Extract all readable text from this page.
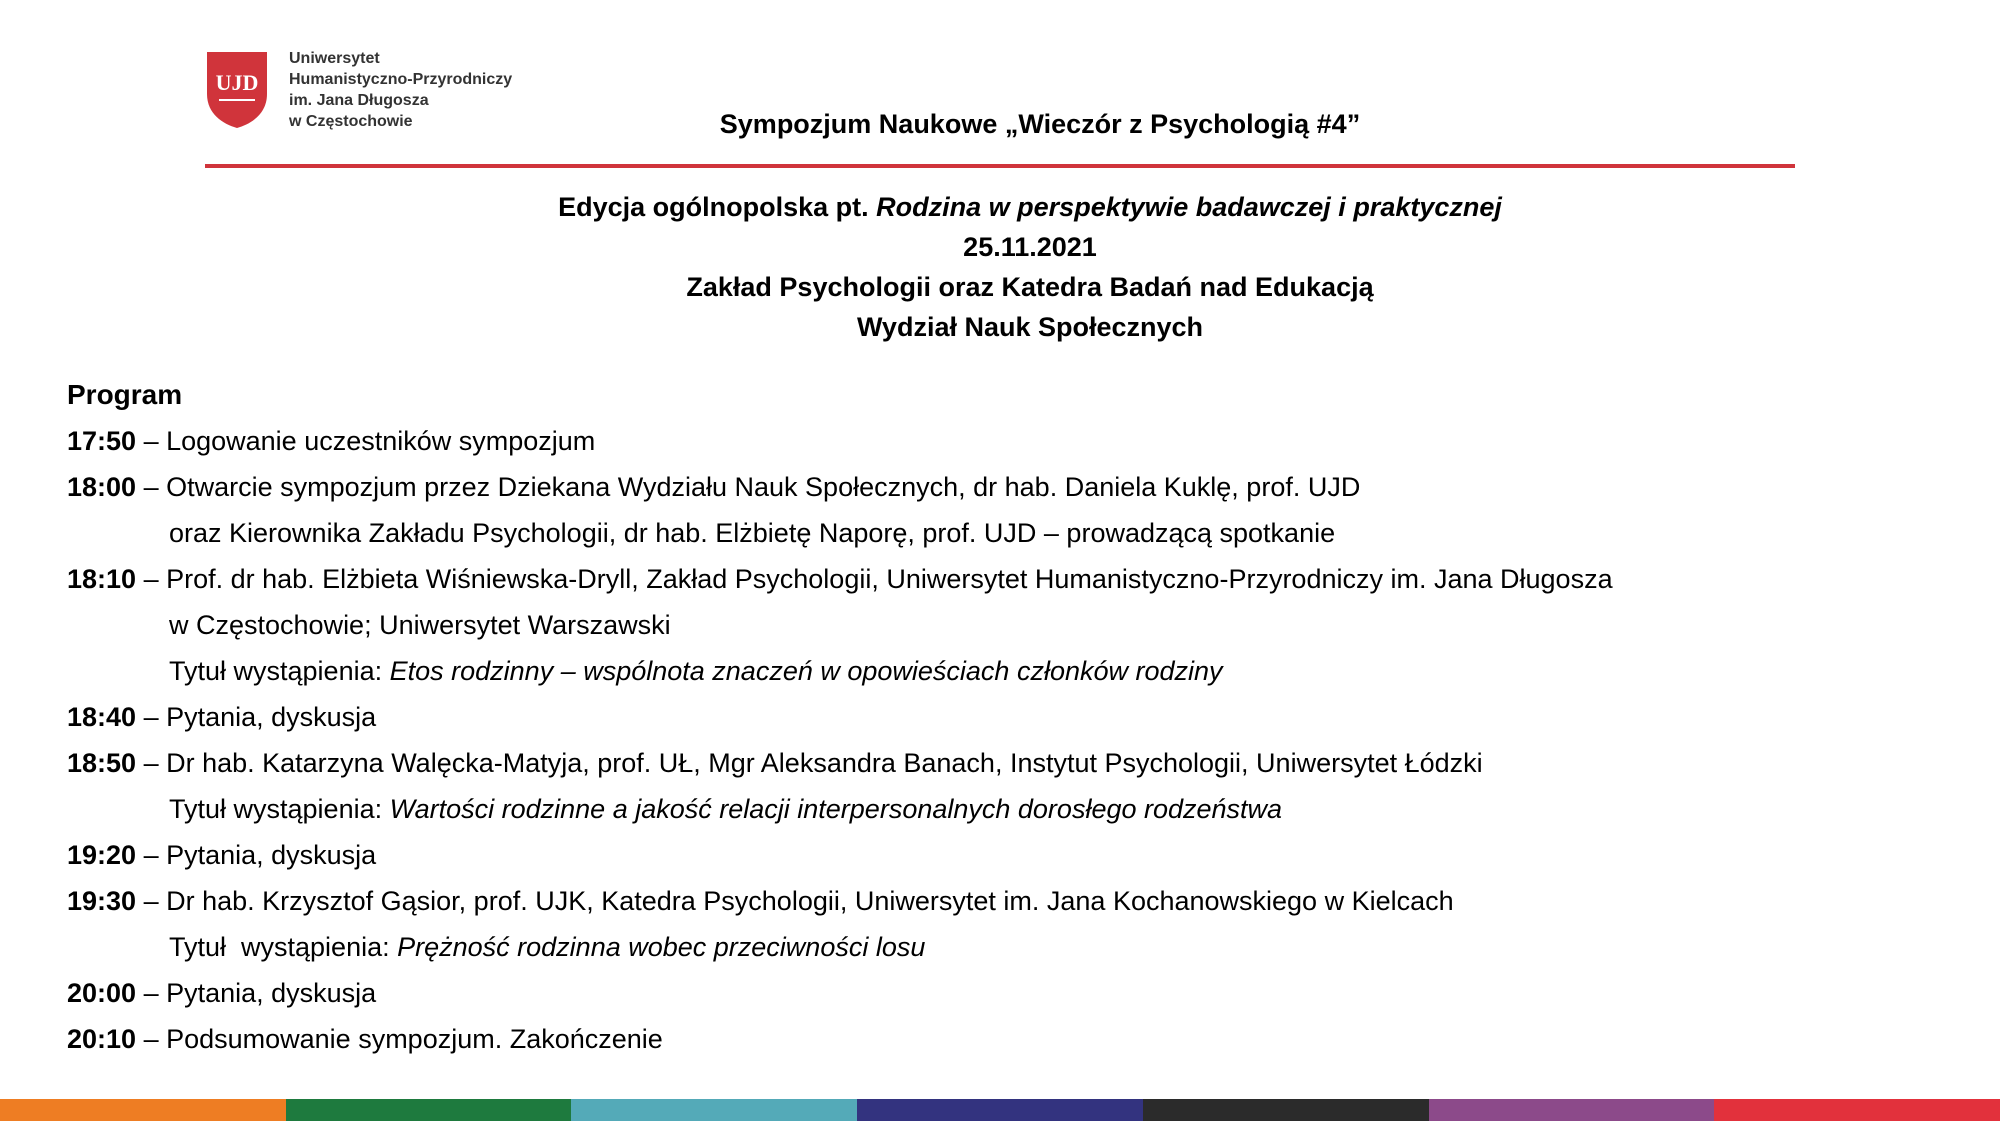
UJD
Uniwersytet
Humanistyczno-Przyrodniczy
im. Jana Długosza
w Częstochowie	Sympozjum Naukowe „Wieczór z Psychologią #4”
Edycja ogólnopolska pt. Rodzina w perspektywie badawczej i praktycznej
25.11.2021
Zakład Psychologii oraz Katedra Badań nad Edukacją
Wydział Nauk Społecznych
Program
17:50 – Logowanie uczestników sympozjum
18:00 – Otwarcie sympozjum przez Dziekana Wydziału Nauk Społecznych, dr hab. Daniela Kuklę, prof. UJD
oraz Kierownika Zakładu Psychologii, dr hab. Elżbietę Naporę, prof. UJD – prowadzącą spotkanie
18:10 – Prof. dr hab. Elżbieta Wiśniewska-Dryll, Zakład Psychologii, Uniwersytet Humanistyczno-Przyrodniczy im. Jana Długosza
w Częstochowie; Uniwersytet Warszawski
Tytuł wystąpienia: Etos rodzinny – wspólnota znaczeń w opowieściach członków rodziny
18:40 – Pytania, dyskusja
18:50 – Dr hab. Katarzyna Walęcka-Matyja, prof. UŁ, Mgr Aleksandra Banach, Instytut Psychologii, Uniwersytet Łódzki
Tytuł wystąpienia: Wartości rodzinne a jakość relacji interpersonalnych dorosłego rodzeństwa
19:20 – Pytania, dyskusja
19:30 – Dr hab. Krzysztof Gąsior, prof. UJK, Katedra Psychologii, Uniwersytet im. Jana Kochanowskiego w Kielcach
Tytuł  wystąpienia: Prężność rodzinna wobec przeciwności losu
20:00 – Pytania, dyskusja
20:10 – Podsumowanie sympozjum. Zakończenie
